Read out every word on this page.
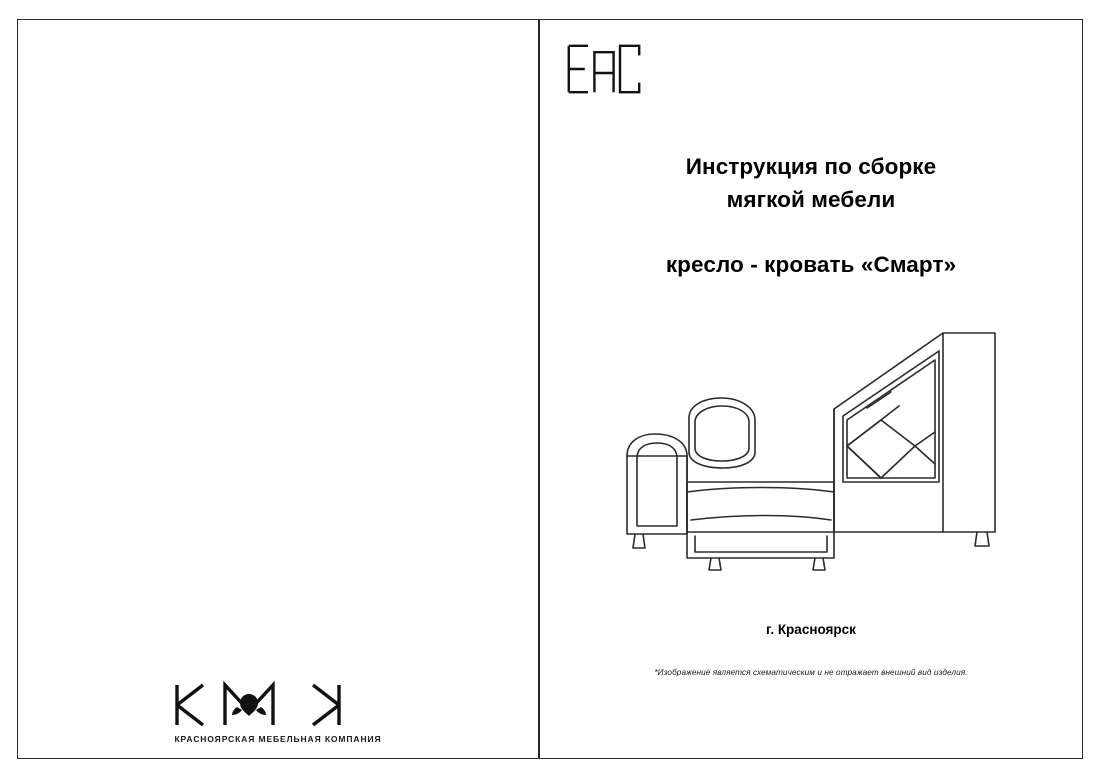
КРАСНОЯРСКАЯ МЕБЕЛЬНАЯ КОМПАНИЯ
Инструкция по сборке
мягкой мебели
кресло - кровать «Смарт»
г. Красноярск
*Изображение является схематическим и не отражает внешний вид изделия.
